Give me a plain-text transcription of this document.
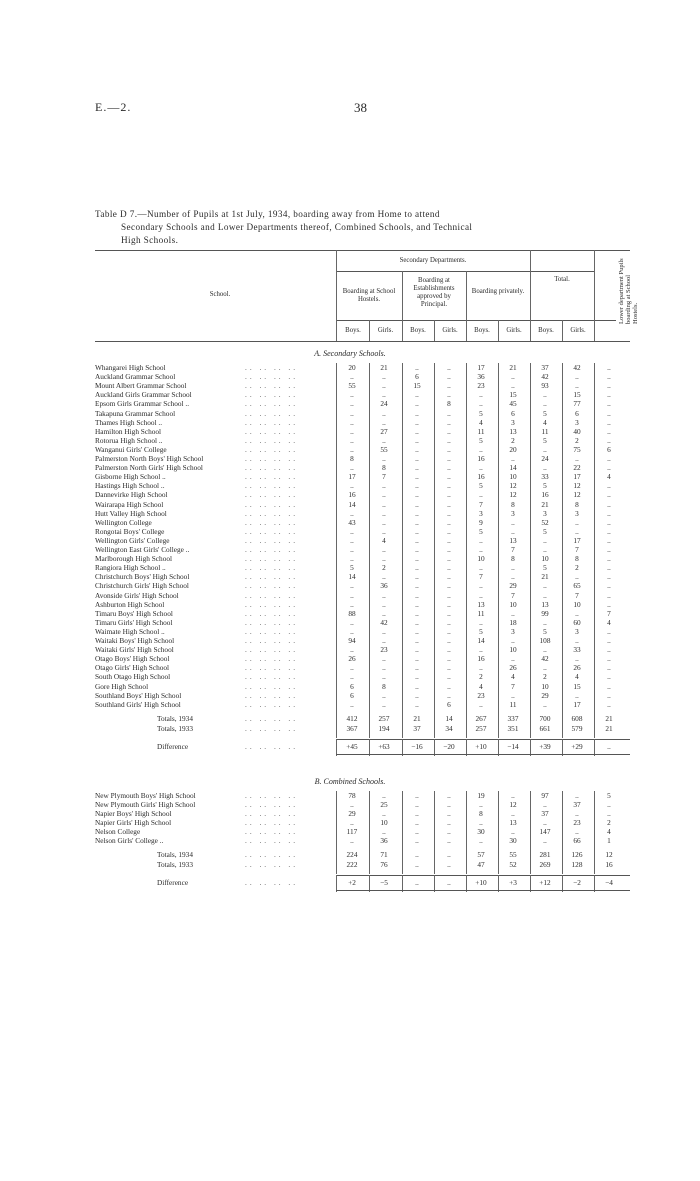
E.—2.	38
Table D 7.—Number of Pupils at 1st July, 1934, boarding away from Home to attend

Secondary Schools and Lower Departments thereof, Combined Schools, and Technical
High Schools.
School.
Secondary Departments.
Boarding at School Hostels.
Boarding at Establishments approved by Principal.
Boarding privately.
Total.	Lower department Pupils boarding at School Hostels.
Boys.	Girls.	Boys.	Girls.	Boys.	Girls.	Boys.	Girls.
A. Secondary Schools.
Whangarei High School	.. .. .. ..	20	21	..	..	17	21	37	42	..
Auckland Grammar School	.. .. .. ..	..	..	6	..	36	..	42	..	..
Mount Albert Grammar School	.. .. .. ..	55	..	15	..	23	..	93	..	..
Auckland Girls Grammar School	.. .. .. ..	..	..	..	..	..	15	..	15	..
Epsom Girls Grammar School ..	.. .. .. ..	..	24	..	8	..	45	..	77	..
Takapuna Grammar School	.. .. .. ..	..	..	..	..	5	6	5	6	..
Thames High School ..	.. .. .. ..	..	..	..	..	4	3	4	3	..
Hamilton High School	.. .. .. ..	..	27	..	..	11	13	11	40	..
Rotorua High School ..	.. .. .. ..	..	..	..	..	5	2	5	2	..
Wanganui Girls' College	.. .. .. ..	..	55	..	..	..	20	..	75	6
Palmerston North Boys' High School	.. .. .. ..	8	..	..	..	16	..	24	..	..
Palmerston North Girls' High School	.. .. .. ..	..	8	..	..	..	14	..	22	..
Gisborne High School ..	.. .. .. ..	17	7	..	..	16	10	33	17	4
Hastings High School ..	.. .. .. ..	..	..	..	..	5	12	5	12	..
Dannevirke High School	.. .. .. ..	16	..	..	..	..	12	16	12	..
Wairarapa High School	.. .. .. ..	14	..	..	..	7	8	21	8	..
Hutt Valley High School	.. .. .. ..	..	..	..	..	3	3	3	3	..
Wellington College	.. .. .. ..	43	..	..	..	9	..	52	..	..
Rongotai Boys' College	.. .. .. ..	..	..	..	..	5	..	5	..	..
Wellington Girls' College	.. .. .. ..	..	4	..	..	..	13	..	17	..
Wellington East Girls' College ..	.. .. .. ..	..	..	..	..	..	7	..	7	..
Marlborough High School	.. .. .. ..	..	..	..	..	10	8	10	8	..
Rangiora High School ..	.. .. .. ..	5	2	..	..	..	..	5	2	..
Christchurch Boys' High School	.. .. .. ..	14	..	..	..	7	..	21	..	..
Christchurch Girls' High School	.. .. .. ..	..	36	..	..	..	29	..	65	..
Avonside Girls' High School	.. .. .. ..	..	..	..	..	..	7	..	7	..
Ashburton High School	.. .. .. ..	..	..	..	..	13	10	13	10	..
Timaru Boys' High School	.. .. .. ..	88	..	..	..	11	..	99	..	7
Timaru Girls' High School	.. .. .. ..	..	42	..	..	..	18	..	60	4
Waimate High School ..	.. .. .. ..	..	..	..	..	5	3	5	3	..
Waitaki Boys' High School	.. .. .. ..	94	..	..	..	14	..	108	..	..
Waitaki Girls' High School	.. .. .. ..	..	23	..	..	..	10	..	33	..
Otago Boys' High School	.. .. .. ..	26	..	..	..	16	..	42	..	..
Otago Girls' High School	.. .. .. ..	..	..	..	..	..	26	..	26	..
South Otago High School	.. .. .. ..	..	..	..	..	2	4	2	4	..
Gore High School	.. .. .. ..	6	8	..	..	4	7	10	15	..
Southland Boys' High School	.. .. .. ..	6	..	..	..	23	..	29	..	..
Southland Girls' High School	.. .. .. ..	..	..	..	6	..	11	..	17	..
Totals, 1934	.. .. .. ..	412	257	21	14	267	337	700	608	21
Totals, 1933	.. .. .. ..	367	194	37	34	257	351	661	579	21
Difference	.. .. .. ..	+45	+63	−16	−20	+10	−14	+39	+29	..
B. Combined Schools.
New Plymouth Boys' High School	.. .. .. ..	78	..	..	..	19	..	97	..	5
New Plymouth Girls' High School	.. .. .. ..	..	25	..	..	..	12	..	37	..
Napier Boys' High School	.. .. .. ..	29	..	..	..	8	..	37	..	..
Napier Girls' High School	.. .. .. ..	..	10	..	..	..	13	..	23	2
Nelson College	.. .. .. ..	117	..	..	..	30	..	147	..	4
Nelson Girls' College ..	.. .. .. ..	..	36	..	..	..	30	..	66	1
Totals, 1934	.. .. .. ..	224	71	..	..	57	55	281	126	12
Totals, 1933	.. .. .. ..	222	76	..	..	47	52	269	128	16
Difference	.. .. .. ..	+2	−5	..	..	+10	+3	+12	−2	−4
